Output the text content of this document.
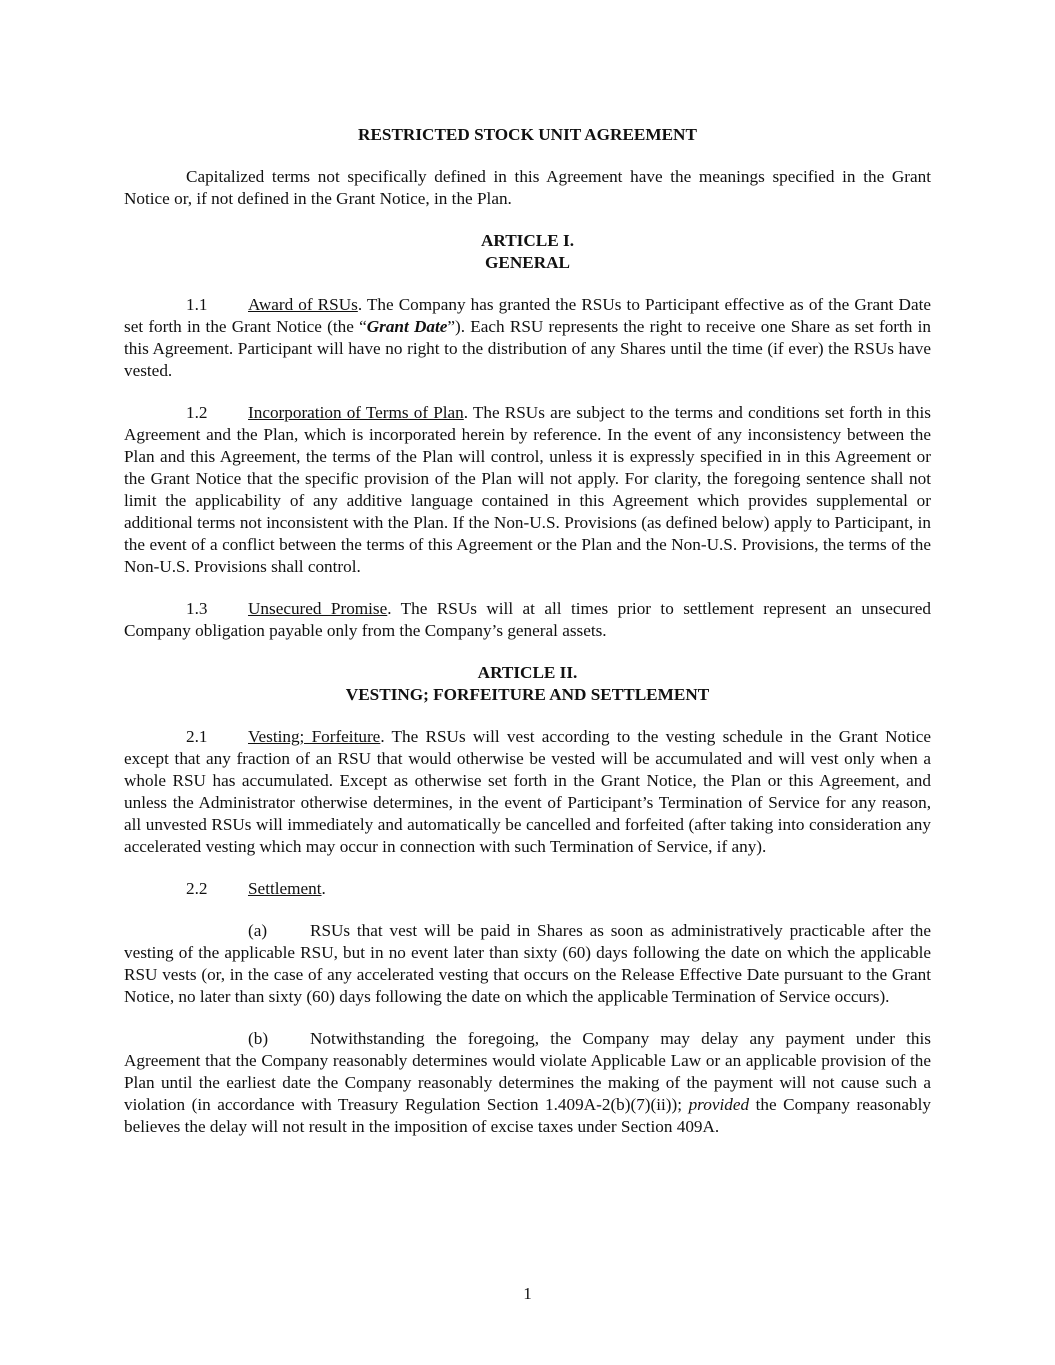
RESTRICTED STOCK UNIT AGREEMENT

Capitalized terms not specifically defined in this Agreement have the meanings specified in the Grant Notice or, if not defined in the Grant Notice, in the Plan.

ARTICLE I.
GENERAL

1.1 Award of RSUs. The Company has granted the RSUs to Participant effective as of the Grant Date set forth in the Grant Notice (the “Grant Date”). Each RSU represents the right to receive one Share as set forth in this Agreement. Participant will have no right to the distribution of any Shares until the time (if ever) the RSUs have vested.

1.2 Incorporation of Terms of Plan. The RSUs are subject to the terms and conditions set forth in this Agreement and the Plan, which is incorporated herein by reference. In the event of any inconsistency between the Plan and this Agreement, the terms of the Plan will control, unless it is expressly specified in in this Agreement or the Grant Notice that the specific provision of the Plan will not apply. For clarity, the foregoing sentence shall not limit the applicability of any additive language contained in this Agreement which provides supplemental or additional terms not inconsistent with the Plan. If the Non-U.S. Provisions (as defined below) apply to Participant, in the event of a conflict between the terms of this Agreement or the Plan and the Non-U.S. Provisions, the terms of the Non-U.S. Provisions shall control.

1.3 Unsecured Promise. The RSUs will at all times prior to settlement represent an unsecured Company obligation payable only from the Company’s general assets.

ARTICLE II.
VESTING; FORFEITURE AND SETTLEMENT

2.1 Vesting; Forfeiture. The RSUs will vest according to the vesting schedule in the Grant Notice except that any fraction of an RSU that would otherwise be vested will be accumulated and will vest only when a whole RSU has accumulated. Except as otherwise set forth in the Grant Notice, the Plan or this Agreement, and unless the Administrator otherwise determines, in the event of Participant’s Termination of Service for any reason, all unvested RSUs will immediately and automatically be cancelled and forfeited (after taking into consideration any accelerated vesting which may occur in connection with such Termination of Service, if any).

2.2 Settlement.

(a) RSUs that vest will be paid in Shares as soon as administratively practicable after the vesting of the applicable RSU, but in no event later than sixty (60) days following the date on which the applicable RSU vests (or, in the case of any accelerated vesting that occurs on the Release Effective Date pursuant to the Grant Notice, no later than sixty (60) days following the date on which the applicable Termination of Service occurs).

(b) Notwithstanding the foregoing, the Company may delay any payment under this Agreement that the Company reasonably determines would violate Applicable Law or an applicable provision of the Plan until the earliest date the Company reasonably determines the making of the payment will not cause such a violation (in accordance with Treasury Regulation Section 1.409A-2(b)(7)(ii)); provided the Company reasonably believes the delay will not result in the imposition of excise taxes under Section 409A.

1
